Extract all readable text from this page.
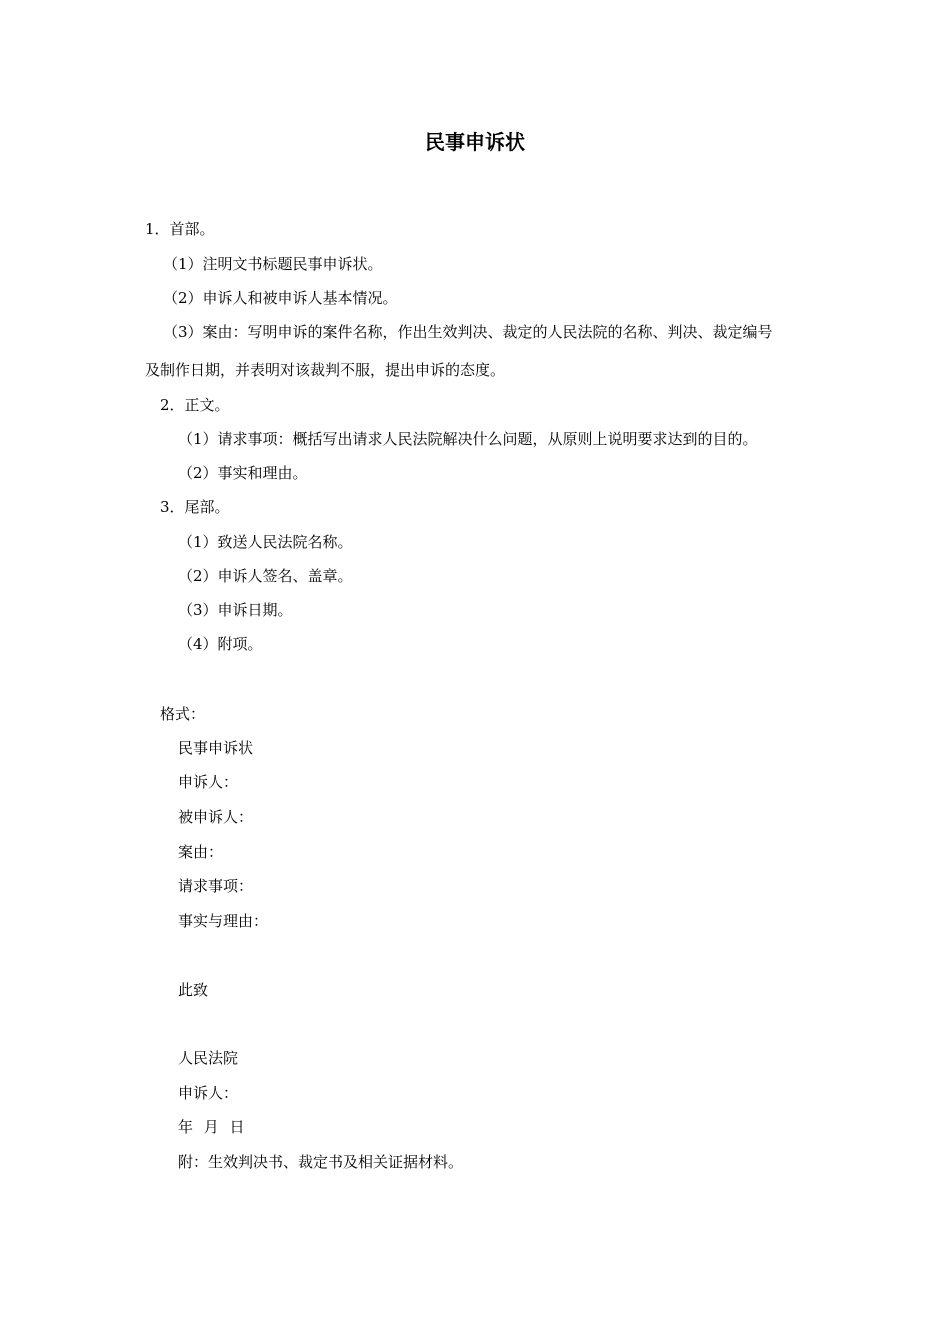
民事申诉状
1．首部。
（1）注明文书标题民事申诉状。
（2）申诉人和被申诉人基本情况。
（3）案由：写明申诉的案件名称，作出生效判决、裁定的人民法院的名称、判决、裁定编号
及制作日期，并表明对该裁判不服，提出申诉的态度。
2．正文。
（1）请求事项：概括写出请求人民法院解决什么问题，从原则上说明要求达到的目的。
（2）事实和理由。
3．尾部。
（1）致送人民法院名称。
（2）申诉人签名、盖章。
（3）申诉日期。
（4）附项。
格式：
民事申诉状
申诉人：
被申诉人：
案由：
请求事项：
事实与理由：
此致
人民法院
申诉人：
年 月 日
附：生效判决书、裁定书及相关证据材料。
